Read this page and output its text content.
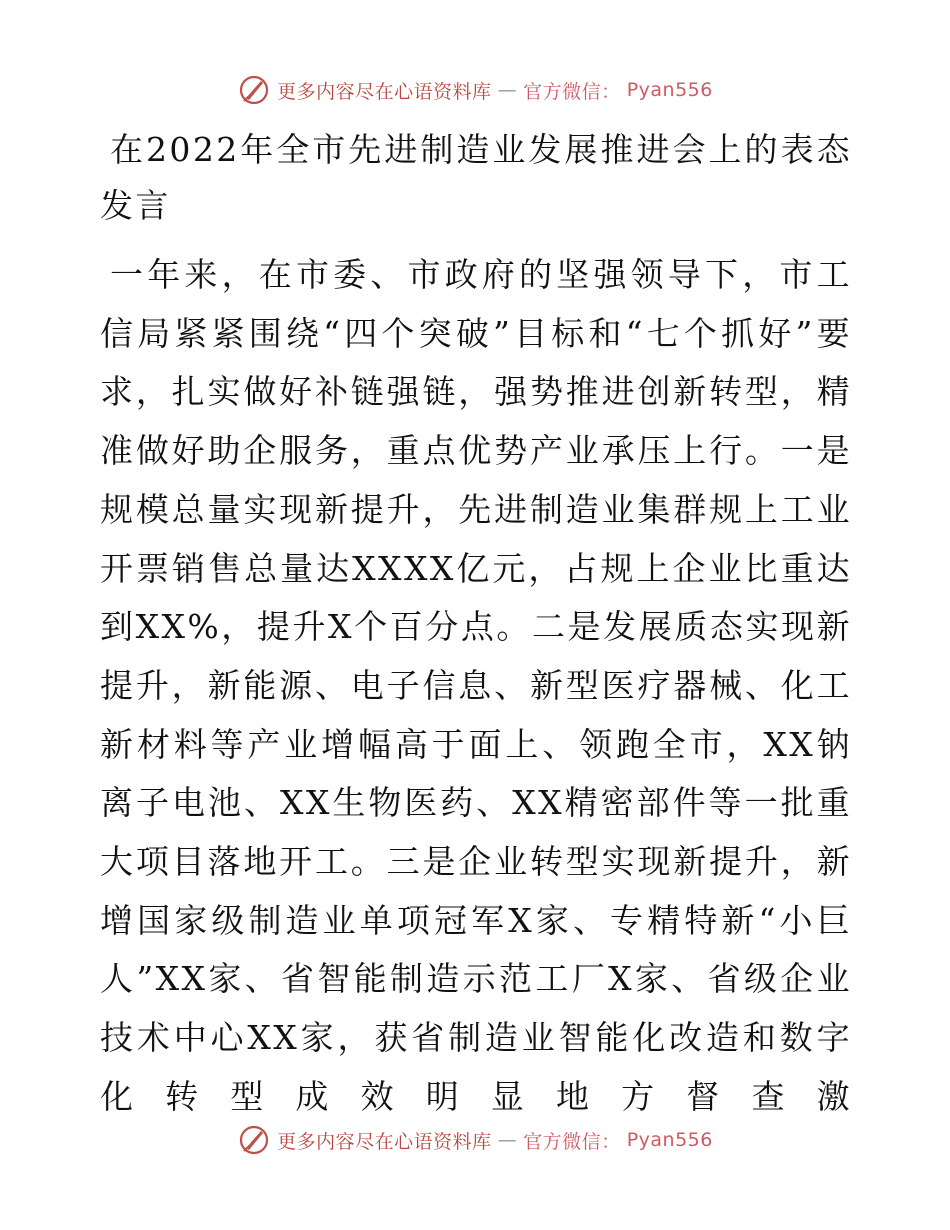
更多内容尽在心语资料库 — 官方微信： Pyan556
在2022年全市先进制造业发展推进会上的表态发言

一年来，在市委、市政府的坚强领导下，市工信局紧紧围绕“四个突破”目标和“七个抓好”要求，扎实做好补链强链，强势推进创新转型，精准做好助企服务，重点优势产业承压上行。一是规模总量实现新提升，先进制造业集群规上工业开票销售总量达XXXX亿元，占规上企业比重达到XX%，提升X个百分点。二是发展质态实现新提升，新能源、电子信息、新型医疗器械、化工新材料等产业增幅高于面上、领跑全市，XX钠离子电池、XX生物医药、XX精密部件等一批重大项目落地开工。三是企业转型实现新提升，新增国家级制造业单项冠军X家、专精特新“小巨人”XX家、省智能制造示范工厂X家、省级企业技术中心XX家，获省制造业智能化改造和数字化转型成效明显地方督查激

更多内容尽在心语资料库 — 官方微信： Pyan556
